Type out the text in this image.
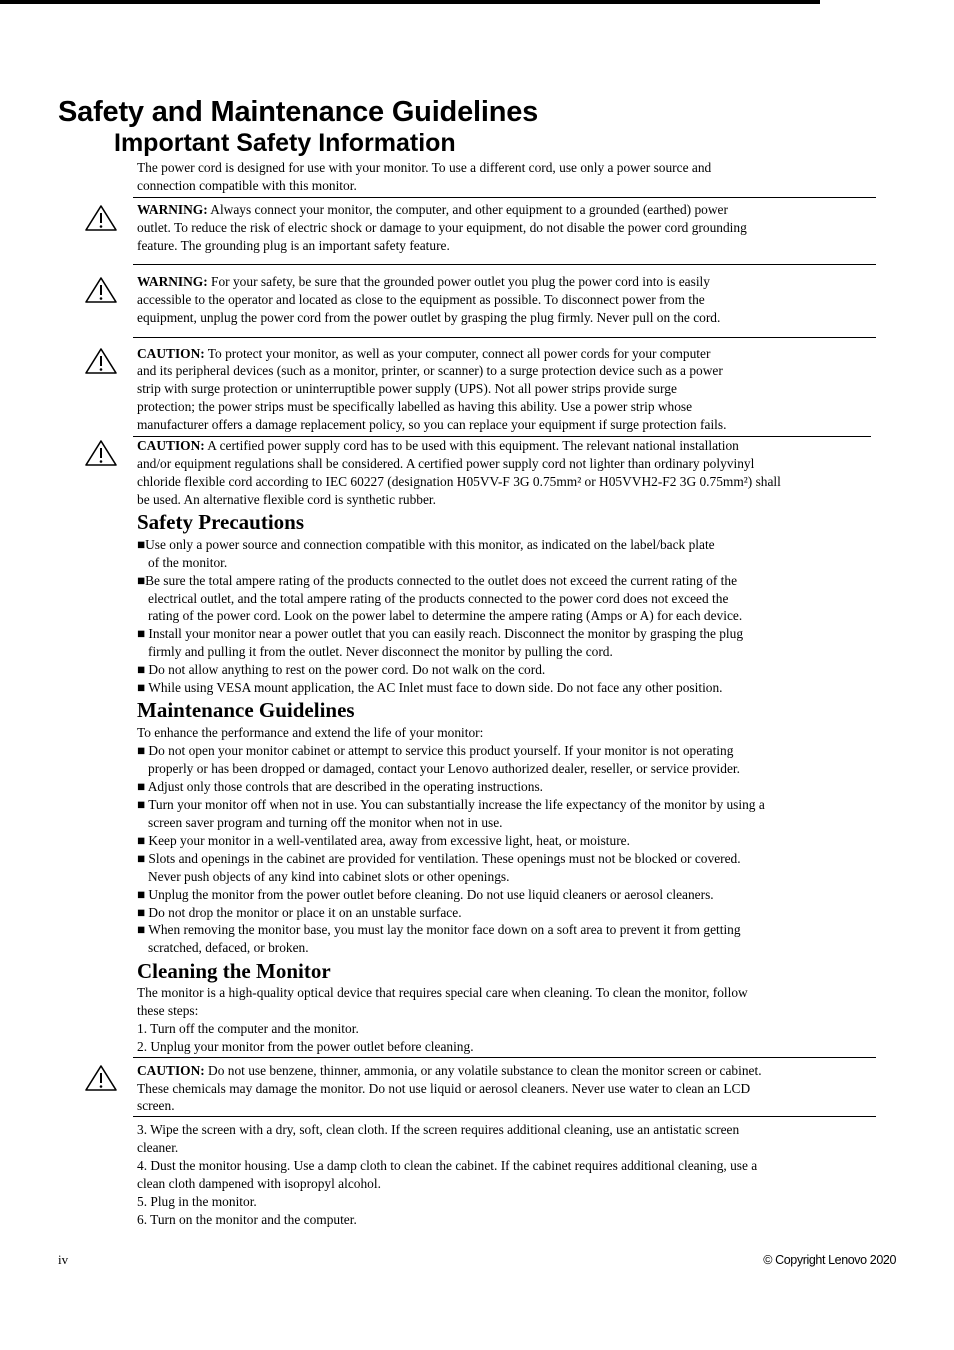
Safety and Maintenance Guidelines
Important Safety Information
The power cord is designed for use with your monitor. To use a different cord, use only a power source and
connection compatible with this monitor.
WARNING: Always connect your monitor, the computer, and other equipment to a grounded (earthed) power
outlet. To reduce the risk of electric shock or damage to your equipment, do not disable the power cord grounding
feature. The grounding plug is an important safety feature.
WARNING: For your safety, be sure that the grounded power outlet you plug the power cord into is easily
accessible to the operator and located as close to the equipment as possible. To disconnect power from the
equipment, unplug the power cord from the power outlet by grasping the plug firmly. Never pull on the cord.
CAUTION: To protect your monitor, as well as your computer, connect all power cords for your computer
and its peripheral devices (such as a monitor, printer, or scanner) to a surge protection device such as a power
strip with surge protection or uninterruptible power supply (UPS). Not all power strips provide surge
protection; the power strips must be specifically labelled as having this ability. Use a power strip whose
manufacturer offers a damage replacement policy, so you can replace your equipment if surge protection fails.
CAUTION: A certified power supply cord has to be used with this equipment. The relevant national installation
and/or equipment regulations shall be considered. A certified power supply cord not lighter than ordinary polyvinyl
chloride flexible cord according to IEC 60227 (designation H05VV-F 3G 0.75mm² or H05VVH2-F2 3G 0.75mm²) shall
be used. An alternative flexible cord is synthetic rubber.
Safety Precautions
■Use only a power source and connection compatible with this monitor, as indicated on the label/back plate
of the monitor.
■Be sure the total ampere rating of the products connected to the outlet does not exceed the current rating of the
electrical outlet, and the total ampere rating of the products connected to the power cord does not exceed the
rating of the power cord. Look on the power label to determine the ampere rating (Amps or A) for each device.
■ Install your monitor near a power outlet that you can easily reach. Disconnect the monitor by grasping the plug
firmly and pulling it from the outlet. Never disconnect the monitor by pulling the cord.
■ Do not allow anything to rest on the power cord. Do not walk on the cord.
■ While using VESA mount application, the AC Inlet must face to down side. Do not face any other position.
Maintenance Guidelines
To enhance the performance and extend the life of your monitor:
■ Do not open your monitor cabinet or attempt to service this product yourself. If your monitor is not operating
properly or has been dropped or damaged, contact your Lenovo authorized dealer, reseller, or service provider.
■ Adjust only those controls that are described in the operating instructions.
■ Turn your monitor off when not in use. You can substantially increase the life expectancy of the monitor by using a
screen saver program and turning off the monitor when not in use.
■ Keep your monitor in a well-ventilated area, away from excessive light, heat, or moisture.
■ Slots and openings in the cabinet are provided for ventilation. These openings must not be blocked or covered.
Never push objects of any kind into cabinet slots or other openings.
■ Unplug the monitor from the power outlet before cleaning. Do not use liquid cleaners or aerosol cleaners.
■ Do not drop the monitor or place it on an unstable surface.
■ When removing the monitor base, you must lay the monitor face down on a soft area to prevent it from getting
scratched, defaced, or broken.
Cleaning the Monitor
The monitor is a high-quality optical device that requires special care when cleaning. To clean the monitor, follow
these steps:
1. Turn off the computer and the monitor.
2. Unplug your monitor from the power outlet before cleaning.
CAUTION: Do not use benzene, thinner, ammonia, or any volatile substance to clean the monitor screen or cabinet.
These chemicals may damage the monitor. Do not use liquid or aerosol cleaners. Never use water to clean an LCD
screen.
3. Wipe the screen with a dry, soft, clean cloth. If the screen requires additional cleaning, use an antistatic screen
cleaner.
4. Dust the monitor housing. Use a damp cloth to clean the cabinet. If the cabinet requires additional cleaning, use a
clean cloth dampened with isopropyl alcohol.
5. Plug in the monitor.
6. Turn on the monitor and the computer.
iv	© Copyright Lenovo 2020
